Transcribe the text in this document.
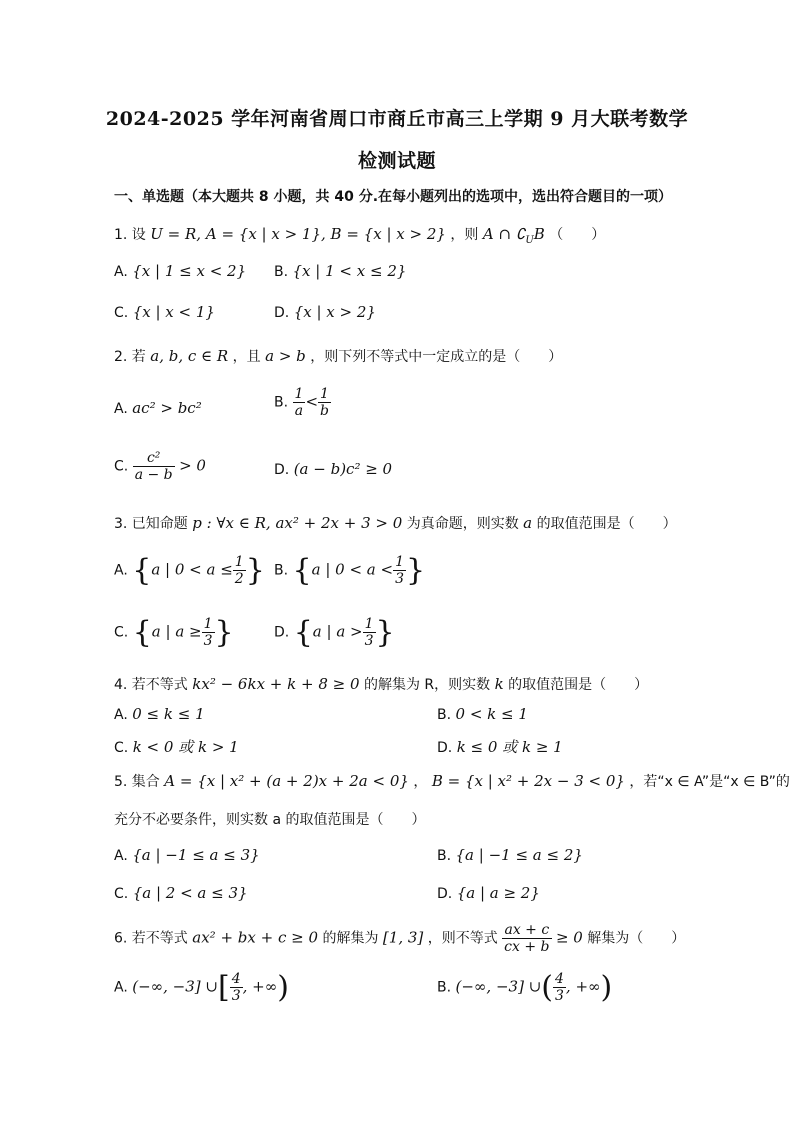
2024-2025 学年河南省周口市商丘市高三上学期 9 月大联考数学
检测试题
一、单选题（本大题共 8 小题，共 40 分.在每小题列出的选项中，选出符合题目的一项）
1. 设 U = R, A = {x | x > 1}, B = {x | x > 2} ，则 A ∩ $∁_UB$ （　　）
A. {x | 1 ≤ x < 2} B. {x | 1 < x ≤ 2}
C. {x | x < 1}	D. {x | x > 2}
2. 若 a, b, c ∈ R ，且 a > b ，则下列不等式中一定成立的是（　　）
A. ac² > bc²	B. $\frac{1}{a} < \frac{1}{b}$
C. $\frac{\text{c²}}{a - b} > 0$	D. (a − b)c² ≥ 0
3. 已知命题 p : ∀x ∈ R, ax² + 2x + 3 > 0 为真命题，则实数 a 的取值范围是（　　）
A. {a | $0 < a \le \frac{1}{2}$ } B. {a | $0 < a < \frac{1}{3}$ }
C. {a | $a \ge \frac{1}{3}$ }	D. {a | $a > \frac{1}{3}$ }
4. 若不等式 kx² − 6kx + k + 8 ≥ 0 的解集为 R，则实数 k 的取值范围是（　　）
A. 0 ≤ k ≤ 1	B. 0 < k ≤ 1
C. k < 0 或 k > 1	D. k ≤ 0 或 k ≥ 1
5. 集合 A = {x | x² + (a + 2)x + 2a < 0} ， B = {x | x² + 2x − 3 < 0} ，若“x ∈ A”是“x ∈ B”的
充分不必要条件，则实数 a 的取值范围是（　　）
A. {a | −1 ≤ a ≤ 3}	B. {a | −1 ≤ a ≤ 2}
C. {a | 2 < a ≤ 3}	D. {a | a ≥ 2}
6. 若不等式 ax² + bx + c ≥ 0 的解集为 [1, 3] ，则不等式 $\frac{ax + c}{cx + b} \ge 0$ 解集为（　　）
A. (−∞, −3] ∪[ $\frac{4}{3}$ , +∞)	B. (−∞, −3] ∪( $\frac{4}{3}$ , +∞)
